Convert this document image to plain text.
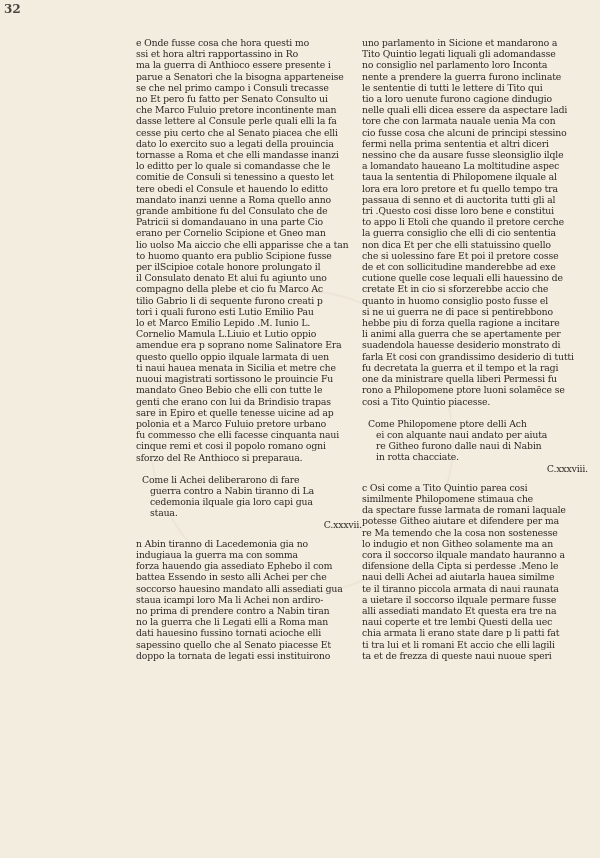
32
e Onde fusse cosa che hora questi mo
ssi et hora altri rapportassino in Ro
ma la guerra di Anthioco essere presente i
parue a Senatori che la bisogna apparteneise
se che nel primo campo i Consuli trecasse
no Et pero fu fatto per Senato Consulto ui
che Marco Fuluio pretore incontinente man
dasse lettere al Consule perle quali elli la fa
cesse piu certo che al Senato piacea che elli
dato lo exercito suo a legati della prouincia
tornasse a Roma et che elli mandasse inanzi
lo editto per lo quale si comandasse che le
comitie de Consuli si tenessino a questo let
tere obedi el Consule et hauendo lo editto
mandato inanzi uenne a Roma quello anno
grande ambitione fu del Consulato che de
Patricii si domandauano in una parte Cio
erano per Cornelio Scipione et Gneo man
lio uolso Ma aiccio che elli apparisse che a tan
to huomo quanto era publio Scipione fusse
per ilScipioe cotale honore prolungato il
il Consulato denato Et alui fu agiunto uno
compagno della plebe et cio fu Marco Ac
tilio Gabrio li di sequente furono creati p
tori i quali furono esti Lutio Emilio Pau
lo et Marco Emilio Lepido .M. Iunio L.
Cornelio Mamula L.Liuio et Lutio oppio
amendue era p soprano nome Salinatore Era
questo quello oppio ilquale larmata di uen
ti naui hauea menata in Sicilia et metre che
nuoui magistrati sortissono le prouincie Fu
mandato Gneo Bebio che elli con tutte le
genti che erano con lui da Brindisio trapas
sare in Epiro et quelle tenesse uicine ad ap
polonia et a Marco Fuluio pretore urbano
fu commesso che elli facesse cinquanta naui
cinque remi et cosi il popolo romano ogni
sforzo del Re Anthioco si preparaua.
Come li Achei deliberarono di fare
guerra contro a Nabin tiranno di La
cedemonia ilquale gia loro capi gua
staua.
C.xxxvii.
n Abin tiranno di Lacedemonia gia no
indugiaua la guerra ma con somma
forza hauendo gia assediato Ephebo il com
battea Essendo in sesto alli Achei per che
soccorso hauesino mandato alli assediati gua
staua icampi loro Ma li Achei non ardiro-
no prima di prendere contro a Nabin tiran
no la guerra che li Legati elli a Roma man
dati hauesino fussino tornati acioche elli
sapessino quello che al Senato piacesse Et
doppo la tornata de legati essi instituirono
uno parlamento in Sicione et mandarono a
Tito Quintio legati liquali gli adomandasse
no consiglio nel parlamento loro Inconta
nente a prendere la guerra furono inclinate
le sententie di tutti le lettere di Tito qui
tio a loro uenute furono cagione dindugio
nelle quali elli dicea essere da aspectare ladi
tore che con larmata nauale uenia Ma con
cio fusse cosa che alcuni de principi stessino
fermi nella prima sententia et altri diceri
nessino che da ausare fusse sleonsiglio ilqle
a lomandato haueano La moltitudine aspec
taua la sententia di Philopomene ilquale al
lora era loro pretore et fu quello tempo tra
passaua di senno et di auctorita tutti gli al
tri .Questo cosi disse loro bene e constitui
to appo li Etoli che quando il pretore cerche
la guerra consiglio che elli di cio sententia
non dica Et per che elli statuissino quello
che si uolessino fare Et poi il pretore cosse
de et con sollicitudine manderebbe ad exe
cutione quelle cose lequali elli hauessino de
cretate Et in cio si sforzerebbe accio che
quanto in huomo consiglio posto fusse el
si ne ui guerra ne di pace si pentirebbono
hebbe piu di forza quella ragione a incitare
li animi alla guerra che se apertamente per
suadendola hauesse desiderio monstrato di
farla Et cosi con grandissimo desiderio di tutti
fu decretata la guerra et il tempo et la ragi
one da ministrare quella liberi Permessi fu
rono a Philopomene ptore luoni solamēce se
cosi a Tito Quintio piacesse.
Come Philopomene ptore delli Ach
ei con alquante naui andato per aiuta
re Githeo furono dalle naui di Nabin
in rotta chacciate.
C.xxxviii.
c Osi come a Tito Quintio parea cosi
similmente Philopomene stimaua che
da spectare fusse larmata de romani laquale
potesse Githeo aiutare et difendere per ma
re Ma temendo che la cosa non sostenesse
lo indugio et non Githeo solamente ma an
cora il soccorso ilquale mandato hauranno a
difensione della Cipta si perdesse .Meno le
naui delli Achei ad aiutarla hauea similme
te il tiranno piccola armata di naui raunata
a uietare il soccorso ilquale permare fusse
alli assediati mandato Et questa era tre na
naui coperte et tre lembi Questi della uec
chia armata li erano state dare p li patti fat
ti tra lui et li romani Et accio che elli lagili
ta et de frezza di queste naui nuoue speri
